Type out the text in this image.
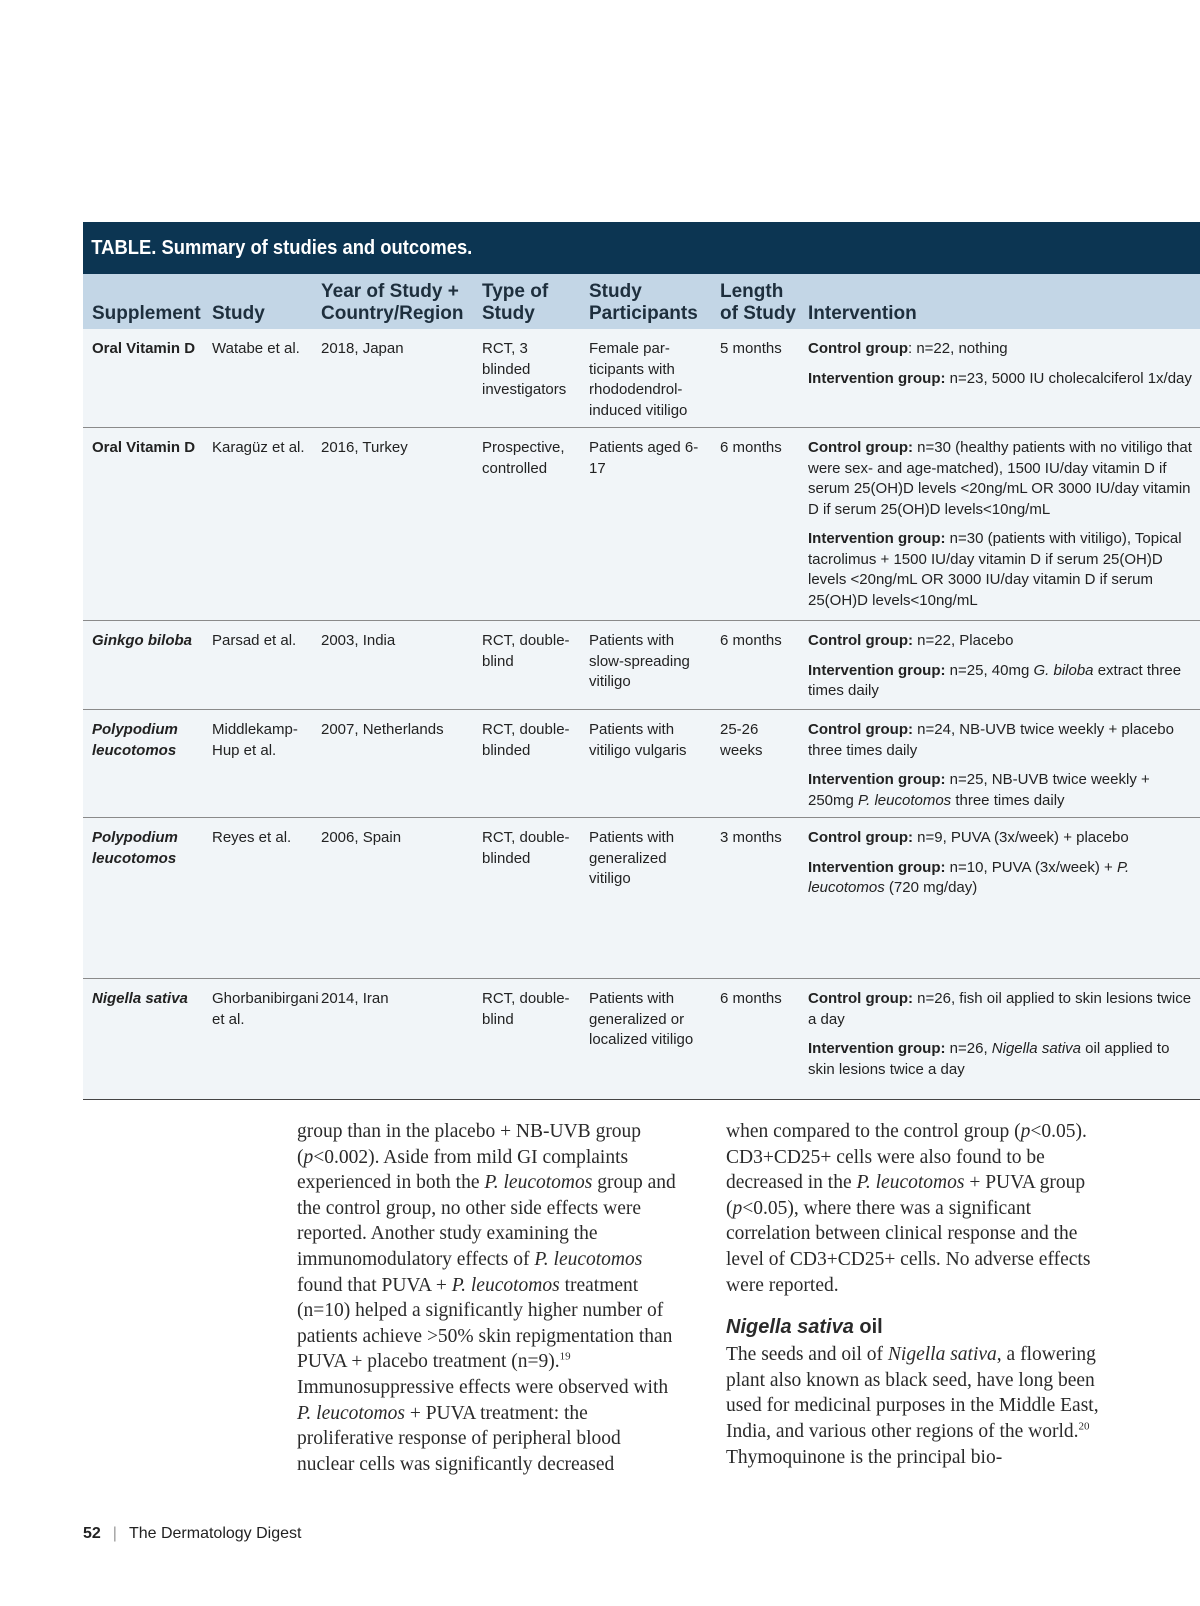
TABLE. Summary of studies and outcomes.
Supplement	Study	Year of Study + Country/Region	Type of Study	Study Participants	Length of Study	Intervention
Oral Vitamin D	Watabe et al.	2018, Japan	RCT, 3 blinded investigators	Female par-ticipants with rhododendrol-induced vitiligo	5 months	Control group: n=22, nothing
Intervention group: n=23, 5000 IU cholecalciferol 1x/day

Oral Vitamin D	Karagüz et al.	2016, Turkey	Prospective, controlled	Patients aged 6-17	6 months	Control group: n=30 (healthy patients with no vitiligo that were sex- and age-matched), 1500 IU/day vitamin D if serum 25(OH)D levels <20ng/mL OR 3000 IU/day vitamin D if serum 25(OH)D levels<10ng/mL
Intervention group: n=30 (patients with vitiligo), Topical tacrolimus + 1500 IU/day vitamin D if serum 25(OH)D levels <20ng/mL OR 3000 IU/day vitamin D if serum 25(OH)D levels<10ng/mL

Ginkgo biloba	Parsad et al.	2003, India	RCT, double-blind	Patients with slow-spreading vitiligo	6 months	Control group: n=22, Placebo
Intervention group: n=25, 40mg G. biloba extract three times daily

Polypodium leucotomos	Middlekamp-Hup et al.	2007, Netherlands	RCT, double-blinded	Patients with vitiligo vulgaris	25-26 weeks	Control group: n=24, NB-UVB twice weekly + placebo three times daily
Intervention group: n=25, NB-UVB twice weekly + 250mg P. leucotomos three times daily

Polypodium leucotomos	Reyes et al.	2006, Spain	RCT, double-blinded	Patients with generalized vitiligo	3 months	Control group: n=9, PUVA (3x/week) + placebo
Intervention group: n=10, PUVA (3x/week) + P. leucotomos (720 mg/day)

Nigella sativa	Ghorbanibirgani et al.	2014, Iran	RCT, double-blind	Patients with generalized or localized vitiligo	6 months	Control group: n=26, fish oil applied to skin lesions twice a day
Intervention group: n=26, Nigella sativa oil applied to skin lesions twice a day

group than in the placebo + NB-UVB group (p<0.002). Aside from mild GI complaints experienced in both the P. leucotomos group and the control group, no other side effects were reported. Another study examining the immunomodulatory effects of P. leucotomos found that PUVA + P. leucotomos treatment (n=10) helped a significantly higher number of patients achieve >50% skin repigmentation than PUVA + placebo treatment (n=9).$^{19}$ Immunosuppressive effects were observed with P. leucotomos + PUVA treatment: the proliferative response of peripheral blood nuclear cells was significantly decreased

when compared to the control group (p<0.05). CD3+CD25+ cells were also found to be decreased in the P. leucotomos + PUVA group (p<0.05), where there was a significant correlation between clinical response and the level of CD3+CD25+ cells. No adverse effects were reported.

Nigella sativa oil

The seeds and oil of Nigella sativa, a flowering plant also known as black seed, have long been used for medicinal purposes in the Middle East, India, and various other regions of the world.$^{20}$ Thymoquinone is the principal bio-

52 | The Dermatology Digest
